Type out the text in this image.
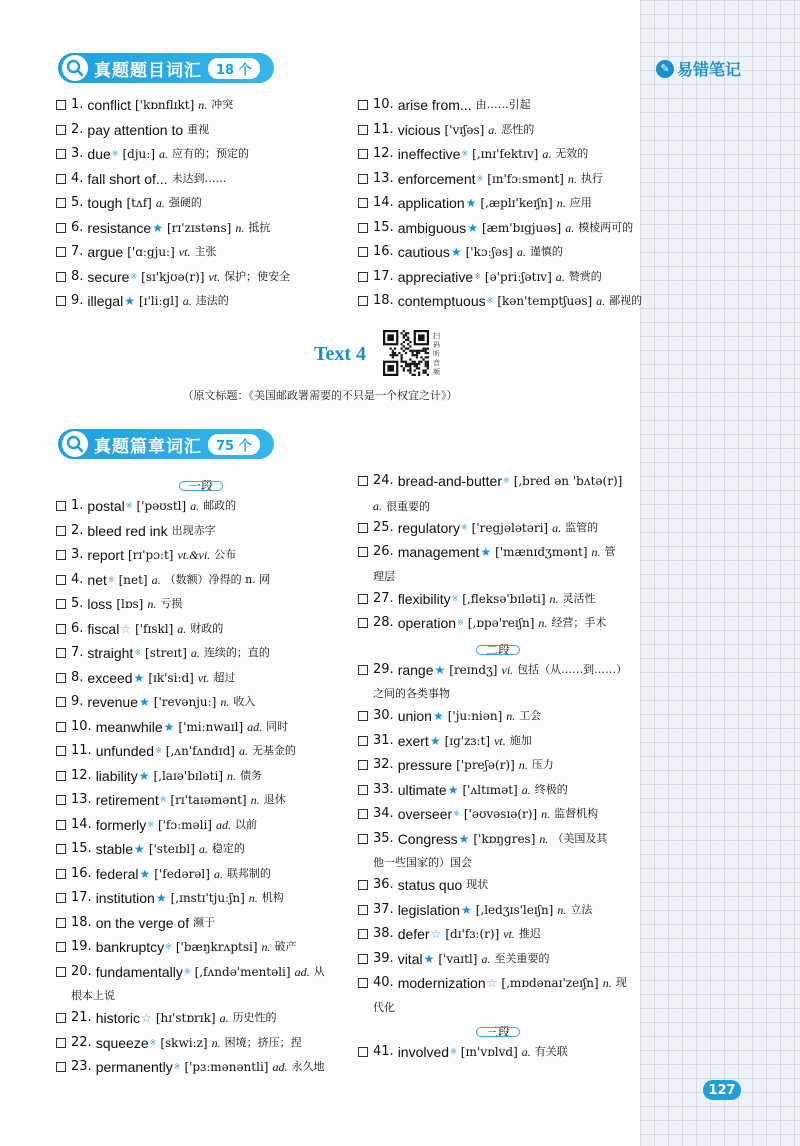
✎ 易错笔记
真题题目词汇	18 个
1. conflict ['kɒnflɪkt] n. 冲突
2. pay attention to 重视
3. due ※ [djuː] a. 应有的；预定的
4. fall short of... 未达到……
5. tough [tʌf] a. 强硬的
6. resistance ★ [rɪ'zɪstəns] n. 抵抗
7. argue ['ɑːgjuː] vt. 主张
8. secure ※ [sɪ'kjʊə(r)] vt. 保护；使安全
9. illegal ★ [ɪ'liːgl] a. 违法的
10. arise from... 由……引起
11. vicious ['vɪʃəs] a. 恶性的
12. ineffective ※ [,ɪnɪ'fektɪv] a. 无效的
13. enforcement ※ [ɪn'fɔːsmənt] n. 执行
14. application ★ [,æplɪ'keɪʃn] n. 应用
15. ambiguous ★ [æm'bɪgjuəs] a. 模棱两可的
16. cautious ★ ['kɔːʃəs] a. 谨慎的
17. appreciative ※ [ə'priːʃətɪv] a. 赞赏的
18. contemptuous ※ [kən'temptʃuəs] a. 鄙视的
Text 4
扫码听音频
（原文标题：《美国邮政署需要的不只是一个权宜之计》）
真题篇章词汇	75 个
一段
1. postal ※ ['pəʊstl] a. 邮政的
2. bleed red ink 出现赤字
3. report [rɪ'pɔːt] vt.&vi. 公布
4. net ※ [net] a. （数额）净得的 n. 网
5. loss [lɒs] n. 亏损
6. fiscal ☆ ['fɪskl] a. 财政的
7. straight ※ [streɪt] a. 连续的；直的
8. exceed ★ [ɪk'siːd] vt. 超过
9. revenue ★ ['revənjuː] n. 收入
10. meanwhile ★ ['miːnwaɪl] ad. 同时
11. unfunded ※ [,ʌn'fʌndɪd] a. 无基金的
12. liability ★ [,laɪə'bɪləti] n. 债务
13. retirement ※ [rɪ'taɪəmənt] n. 退休
14. formerly ※ ['fɔːməli] ad. 以前
15. stable ★ ['steɪbl] a. 稳定的
16. federal ★ ['fedərəl] a. 联邦制的
17. institution ★ [,ɪnstɪ'tjuːʃn] n. 机构
18. on the verge of 濒于
19. bankruptcy ※ ['bæŋkrʌptsi] n. 破产
20. fundamentally ※ [,fʌndə'mentəli] ad. 从
根本上说
21. historic ☆ [hɪ'stɒrɪk] a. 历史性的
22. squeeze ※ [skwiːz] n. 困境；挤压；捏
23. permanently ※ ['pɜːmənəntli] ad. 永久地
24. bread-and-butter ※ [,bred ən 'bʌtə(r)]
a. 很重要的
25. regulatory ※ ['regjələtəri] a. 监管的
26. management ★ ['mænɪdʒmənt] n. 管
理层
27. flexibility ※ [,fleksə'bɪləti] n. 灵活性
28. operation ※ [,ɒpə'reɪʃn] n. 经营；手术
二段
29. range ★ [reɪndʒ] vi. 包括（从……到……）
之间的各类事物
30. union ★ ['juːniən] n. 工会
31. exert ★ [ɪg'zɜːt] vt. 施加
32. pressure ['preʃə(r)] n. 压力
33. ultimate ★ ['ʌltɪmət] a. 终极的
34. overseer ※ ['əʊvəsɪə(r)] n. 监督机构
35. Congress ★ ['kɒŋgres] n. （美国及其
他一些国家的）国会
36. status quo 现状
37. legislation ★ [,ledʒɪs'leɪʃn] n. 立法
38. defer ☆ [dɪ'fɜː(r)] vt. 推迟
39. vital ★ ['vaɪtl] a. 至关重要的
40. modernization ☆ [,mɒdənaɪ'zeɪʃn] n. 现
代化
三段
41. involved ※ [ɪn'vɒlvd] a. 有关联
127
